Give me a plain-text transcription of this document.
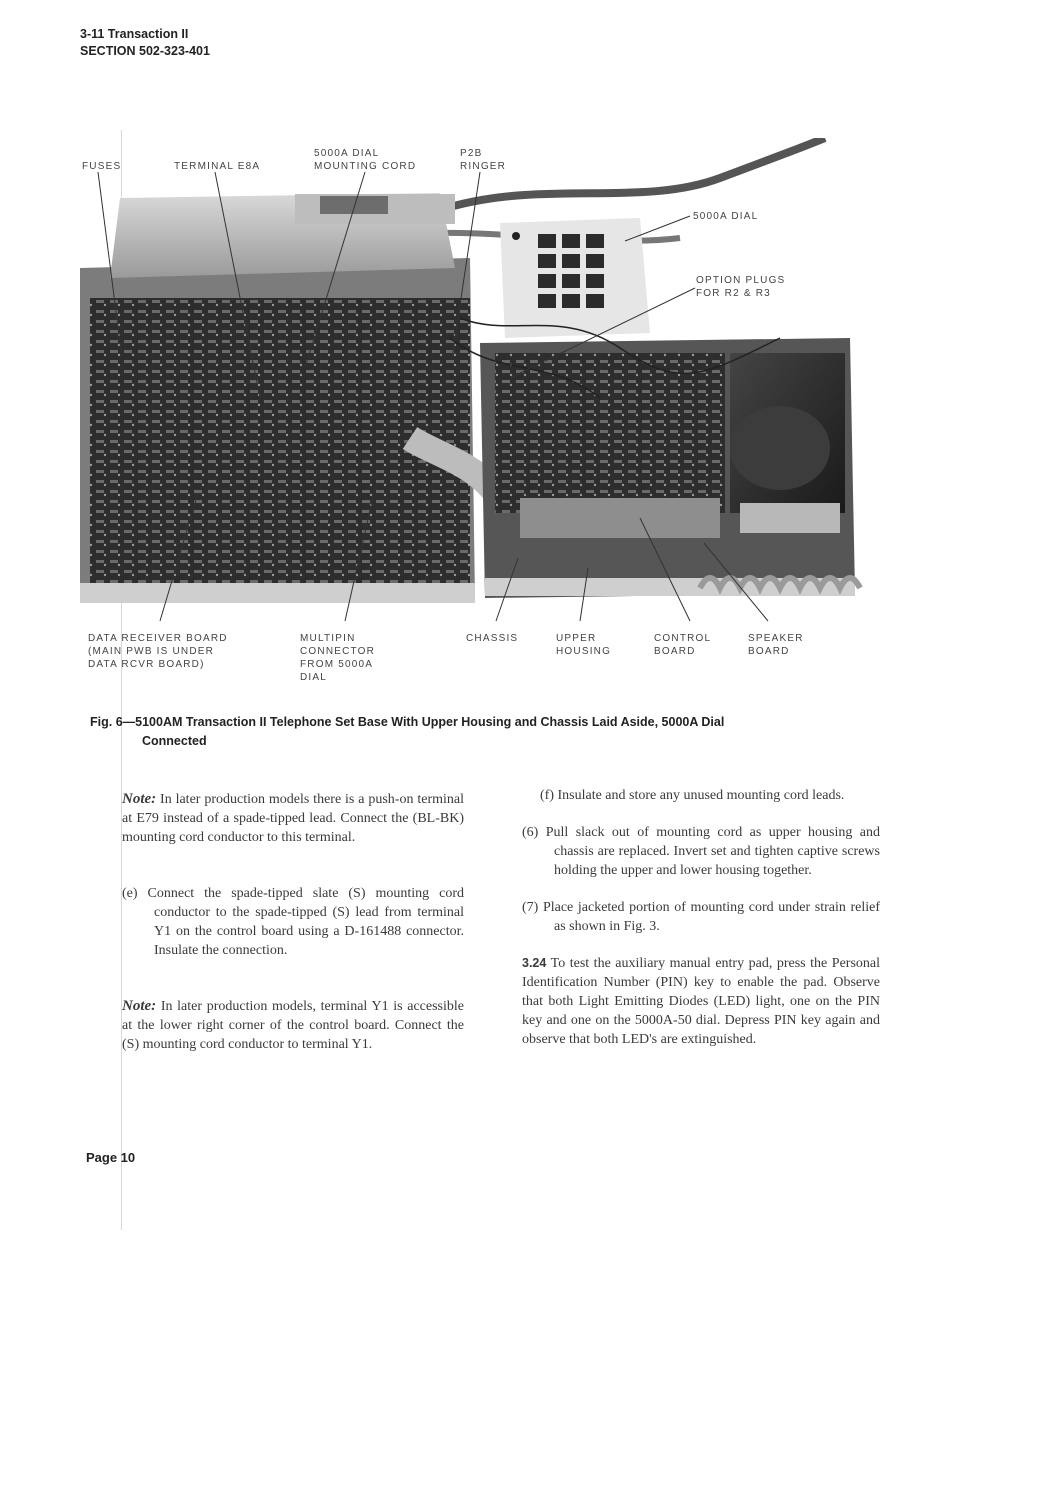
3-11 Transaction II
SECTION 502-323-401
FUSES	TERMINAL E8A
5000A DIAL
MOUNTING CORD
P2B
RINGER
5000A DIAL
OPTION PLUGS
FOR R2 & R3
DATA RECEIVER BOARD
(MAIN PWB IS UNDER
DATA RCVR BOARD)
MULTIPIN
CONNECTOR
FROM 5000A
DIAL
CHASSIS	UPPER
HOUSING
CONTROL
BOARD
SPEAKER
BOARD
Fig. 6—5100AM Transaction II Telephone Set Base With Upper Housing and Chassis Laid Aside, 5000A Dial
Connected

Note: In later production models there is a push-on terminal at E79 instead of a spade-tipped lead. Connect the (BL-BK) mounting cord conductor to this terminal.

(e) Connect the spade-tipped slate (S) mounting cord conductor to the spade-tipped (S) lead from terminal Y1 on the control board using a D-161488 connector. Insulate the connection.

Note: In later production models, terminal Y1 is accessible at the lower right corner of the control board. Connect the (S) mounting cord conductor to terminal Y1.

(f) Insulate and store any unused mounting cord leads.

(6) Pull slack out of mounting cord as upper housing and chassis are replaced. Invert set and tighten captive screws holding the upper and lower housing together.

(7) Place jacketed portion of mounting cord under strain relief as shown in Fig. 3.

3.24 To test the auxiliary manual entry pad, press the Personal Identification Number (PIN) key to enable the pad. Observe that both Light Emitting Diodes (LED) light, one on the PIN key and one on the 5000A-50 dial. Depress PIN key again and observe that both LED's are extinguished.

Page 10
